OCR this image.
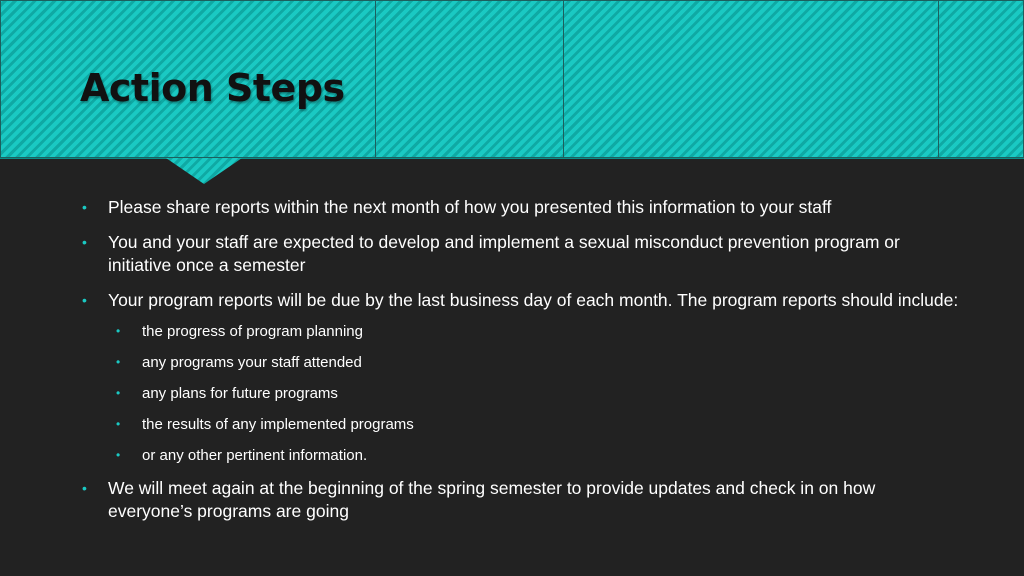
Action Steps
• Please share reports within the next month of how you presented this information to your staff
• You and your staff are expected to develop and implement a sexual misconduct prevention program or initiative once a semester
• Your program reports will be due by the last business day of each month. The program reports should include:
• the progress of program planning
• any programs your staff attended
• any plans for future programs
• the results of any implemented programs
• or any other pertinent information.
• We will meet again at the beginning of the spring semester to provide updates and check in on how everyone’s programs are going
